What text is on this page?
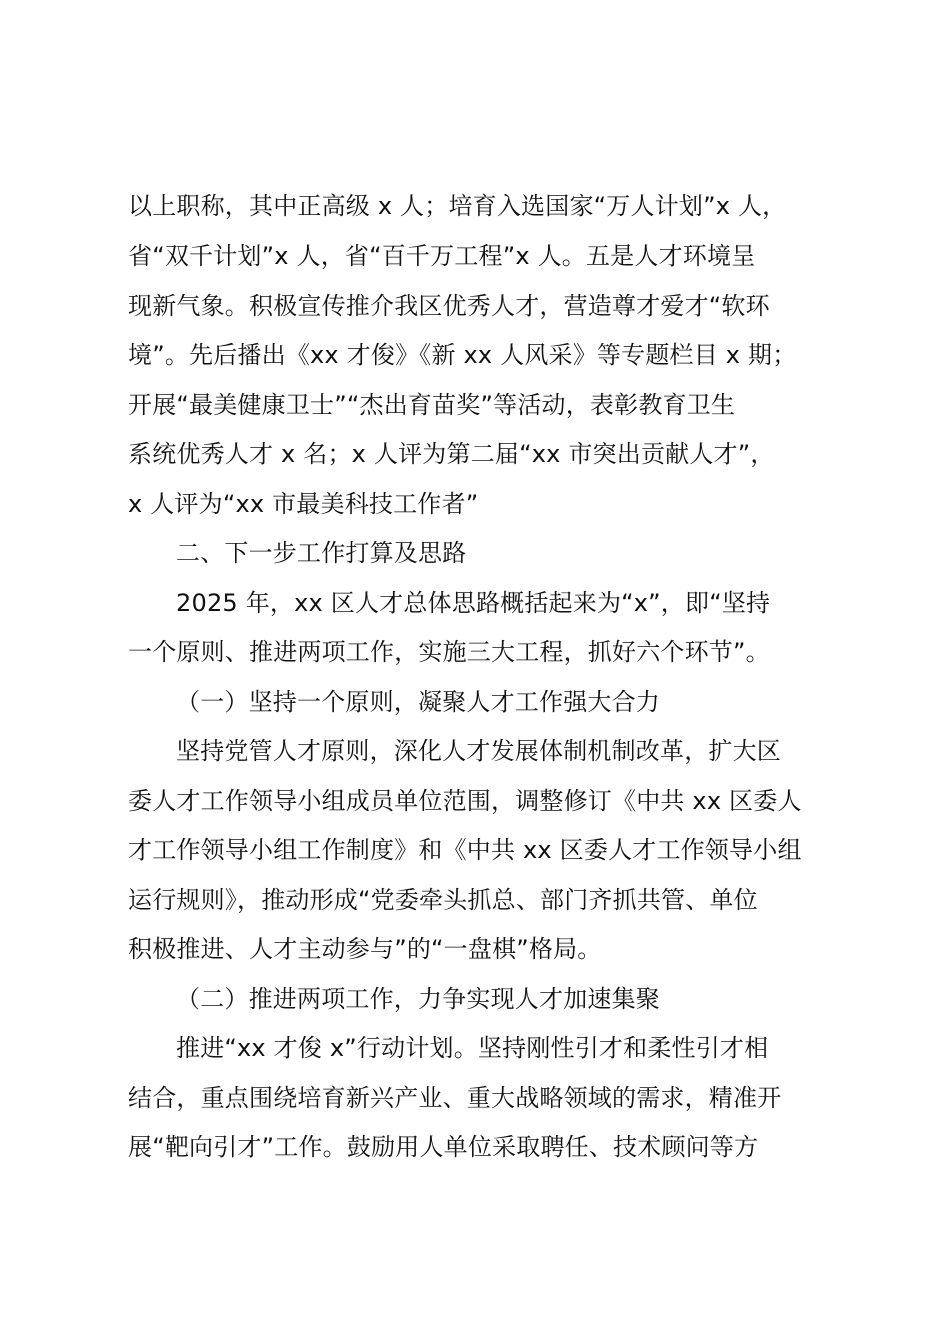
以上职称，其中正高级 x 人；培育入选国家“万人计划”x 人，
省“双千计划”x 人，省“百千万工程”x 人。五是人才环境呈
现新气象。积极宣传推介我区优秀人才，营造尊才爱才“软环
境”。先后播出《xx 才俊》《新 xx 人风采》等专题栏目 x 期；
开展“最美健康卫士”“杰出育苗奖”等活动，表彰教育卫生
系统优秀人才 x 名；x 人评为第二届“xx 市突出贡献人才”，
x 人评为“xx 市最美科技工作者”
二、下一步工作打算及思路
2025 年，xx 区人才总体思路概括起来为“x”，即“坚持
一个原则、推进两项工作，实施三大工程，抓好六个环节”。
（一）坚持一个原则，凝聚人才工作强大合力
坚持党管人才原则，深化人才发展体制机制改革，扩大区
委人才工作领导小组成员单位范围，调整修订《中共 xx 区委人
才工作领导小组工作制度》和《中共 xx 区委人才工作领导小组
运行规则》，推动形成“党委牵头抓总、部门齐抓共管、单位
积极推进、人才主动参与”的“一盘棋”格局。
（二）推进两项工作，力争实现人才加速集聚
推进“xx 才俊 x”行动计划。坚持刚性引才和柔性引才相
结合，重点围绕培育新兴产业、重大战略领域的需求，精准开
展“靶向引才”工作。鼓励用人单位采取聘任、技术顾问等方
